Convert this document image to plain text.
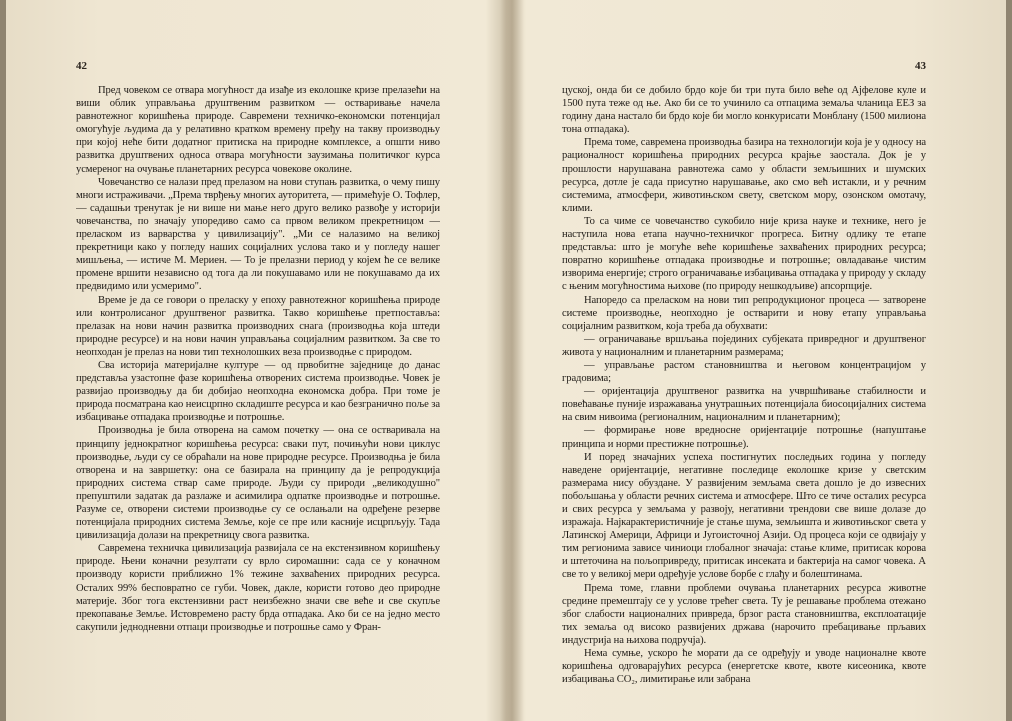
42

Пред човеком се отвара могућност да изађе из еколошке кризе прелазећи на виши облик управљања друштвеним развитком — остваривање начела равнотежног коришћења природе. Савремени техничко-економски потенцијал омогућује људима да у релативно кратком времену пређу на такву производњу при којој неће бити додатног притиска на природне комплексе, а општи ниво развитка друштвених односа отвара могућности заузимања политичког курса усмереног на очување планетарних ресурса човекове околине.

Човечанство се налази пред прелазом на нови ступањ развитка, о чему пишу многи истраживачи. „Према тврђењу многих ауторитета, — примећује О. Тофлер, — садашњи тренутак је ни више ни мање него друго велико развође у историји човечанства, по значају упоредиво само са првом великом прекретницом — преласком из варварства у цивилизацију". „Ми се налазимо на великој прекретници како у погледу наших социјалних услова тако и у погледу нашег мишљења, — истиче М. Мериен. — То је прелазни период у којем ће се велике промене вршити независно од тога да ли покушавамо или не покушавамо да их предвидимо или усмеримо".

Време је да се говори о преласку у епоху равнотежног коришћења природе или контролисаног друштвеног развитка. Такво коришћење претпоставља: прелазак на нови начин развитка производних снага (производња која штеди природне ресурсе) и на нови начин управљања социјалним развитком. За све то неопходан је прелаз на нови тип технолошких веза производње с природом.

Сва историја материјалне културе — од првобитне заједнице до данас представља узастопне фазе коришћења отворених система производње. Човек је развијао производњу да би добијао неопходна економска добра. При томе је природа посматрана као неисцрпно складиште ресурса и као безгранично поље за избацивање отпадака производње и потрошње.

Производња је била отворена на самом почетку — она се остваривала на принципу једнократног коришћења ресурса: сваки пут, почињући нови циклус производње, људи су се обраћали на нове природне ресурсе. Производња је била отворена и на завршетку: она се базирала на принципу да је репродукција природних система ствар саме природе. Људи су природи „великодушно" препуштили задатак да разлаже и асимилира одпатке производње и потрошње. Разуме се, отворени системи производње су се ослањали на одређене резерве потенцијала природних система Земље, које се пре или касније исцрпљују. Тада цивилизација долази на прекретницу свога развитка.

Савремена техничка цивилизација развијала се на екстензивном коришћењу природе. Њени коначни резултати су врло сиромашни: сада се у коначном производу користи приближно 1% тежине захваћених природних ресурса. Осталих 99% бесповратно се губи. Човек, дакле, користи готово део природне материје. Због тога екстензивни раст неизбежно значи све веће и све скупље прекопавање Земље. Истовремено расту брда отпадака. Ако би се на једно место сакупили једнодневни отпаци производње и потрошње само у Фран-

43

цуској, онда би се добило брдо које би три пута било веће од Ајфелове куле и 1500 пута теже од ње. Ако би се то учинило са отпацима земаља чланица ЕЕЗ за годину дана настало би брдо које би могло конкурисати Монблану (1500 милиона тона отпадака).

Према томе, савремена производња базира на технологији која је у односу на рационалност коришћења природних ресурса крајње заостала. Док је у прошлости нарушавана равнотежа само у области земљишних и шумских ресурса, дотле је сада присутно нарушавање, ако смо већ истакли, и у речним системима, атмосфери, животињском свету, светском мору, озонском омотачу, клими.

То са чиме се човечанство сукобило није криза науке и технике, него је наступила нова етапа научно-техничког прогреса. Битну одлику те етапе представља: што је могуће веће коришћење захваћених природних ресурса; повратно коришћење отпадака производње и потрошње; овладавање чистим изворима енергије; строго ограничавање избацивања отпадака у природу у складу с њеним могућностима њихове (по природу нешкодљиве) апсорпције.

Напоредо са преласком на нови тип репродукционог процеса — затворене системе производње, неопходно је остварити и нову етапу управљања социјалним развитком, која треба да обухвати:

— ограничавање вршљања појединих субјеката привредног и друштвеног живота у националним и планетарним размерама;

— управљање растом становништва и његовом концентрацијом у градовима;

— оријентација друштвеног развитка на учвршћивање стабилности и повећавање пуније изражавања унутрашњих потенцијала биосоцијалних система на свим нивоима (регионалним, националним и планетарним);

— формирање нове вредносне оријентације потрошње (напуштање принципа и норми престижне потрошње).

И поред значајних успеха постигнутих последњих година у погледу наведене оријентације, негативне последице еколошке кризе у светским размерама нису обуздане. У развијеним земљама света дошло је до извесних побољшања у области речних система и атмосфере. Што се тиче осталих ресурса и свих ресурса у земљама у развоју, негативни трендови све више долазе до изражаја. Најкарактеристичније је стање шума, земљишта и животињског света у Латинској Америци, Африци и Југоисточној Азији. Од процеса који се одвијају у тим регионима зависе чиниоци глобалног значаја: стање климе, притисак корова и штеточина на пољопривреду, притисак инсеката и бактерија на самог човека. А све то у великој мери одређује услове борбе с глађу и болештинама.

Према томе, главни проблеми очувања планетарних ресурса животне средине премештају се у услове трећег света. Ту је решавање проблема отежано због слабости националних привреда, брзог раста становништва, експлоатације тих земаља од високо развијених држава (нарочито пребацивање прљавих индустрија на њихова подручја).

Нема сумње, ускоро ће морати да се одређују и уводе националне квоте коришћења одговарајућих ресурса (енергетске квоте, квоте кисеоника, квоте избацивања CO₂, лимитирање или забрана
